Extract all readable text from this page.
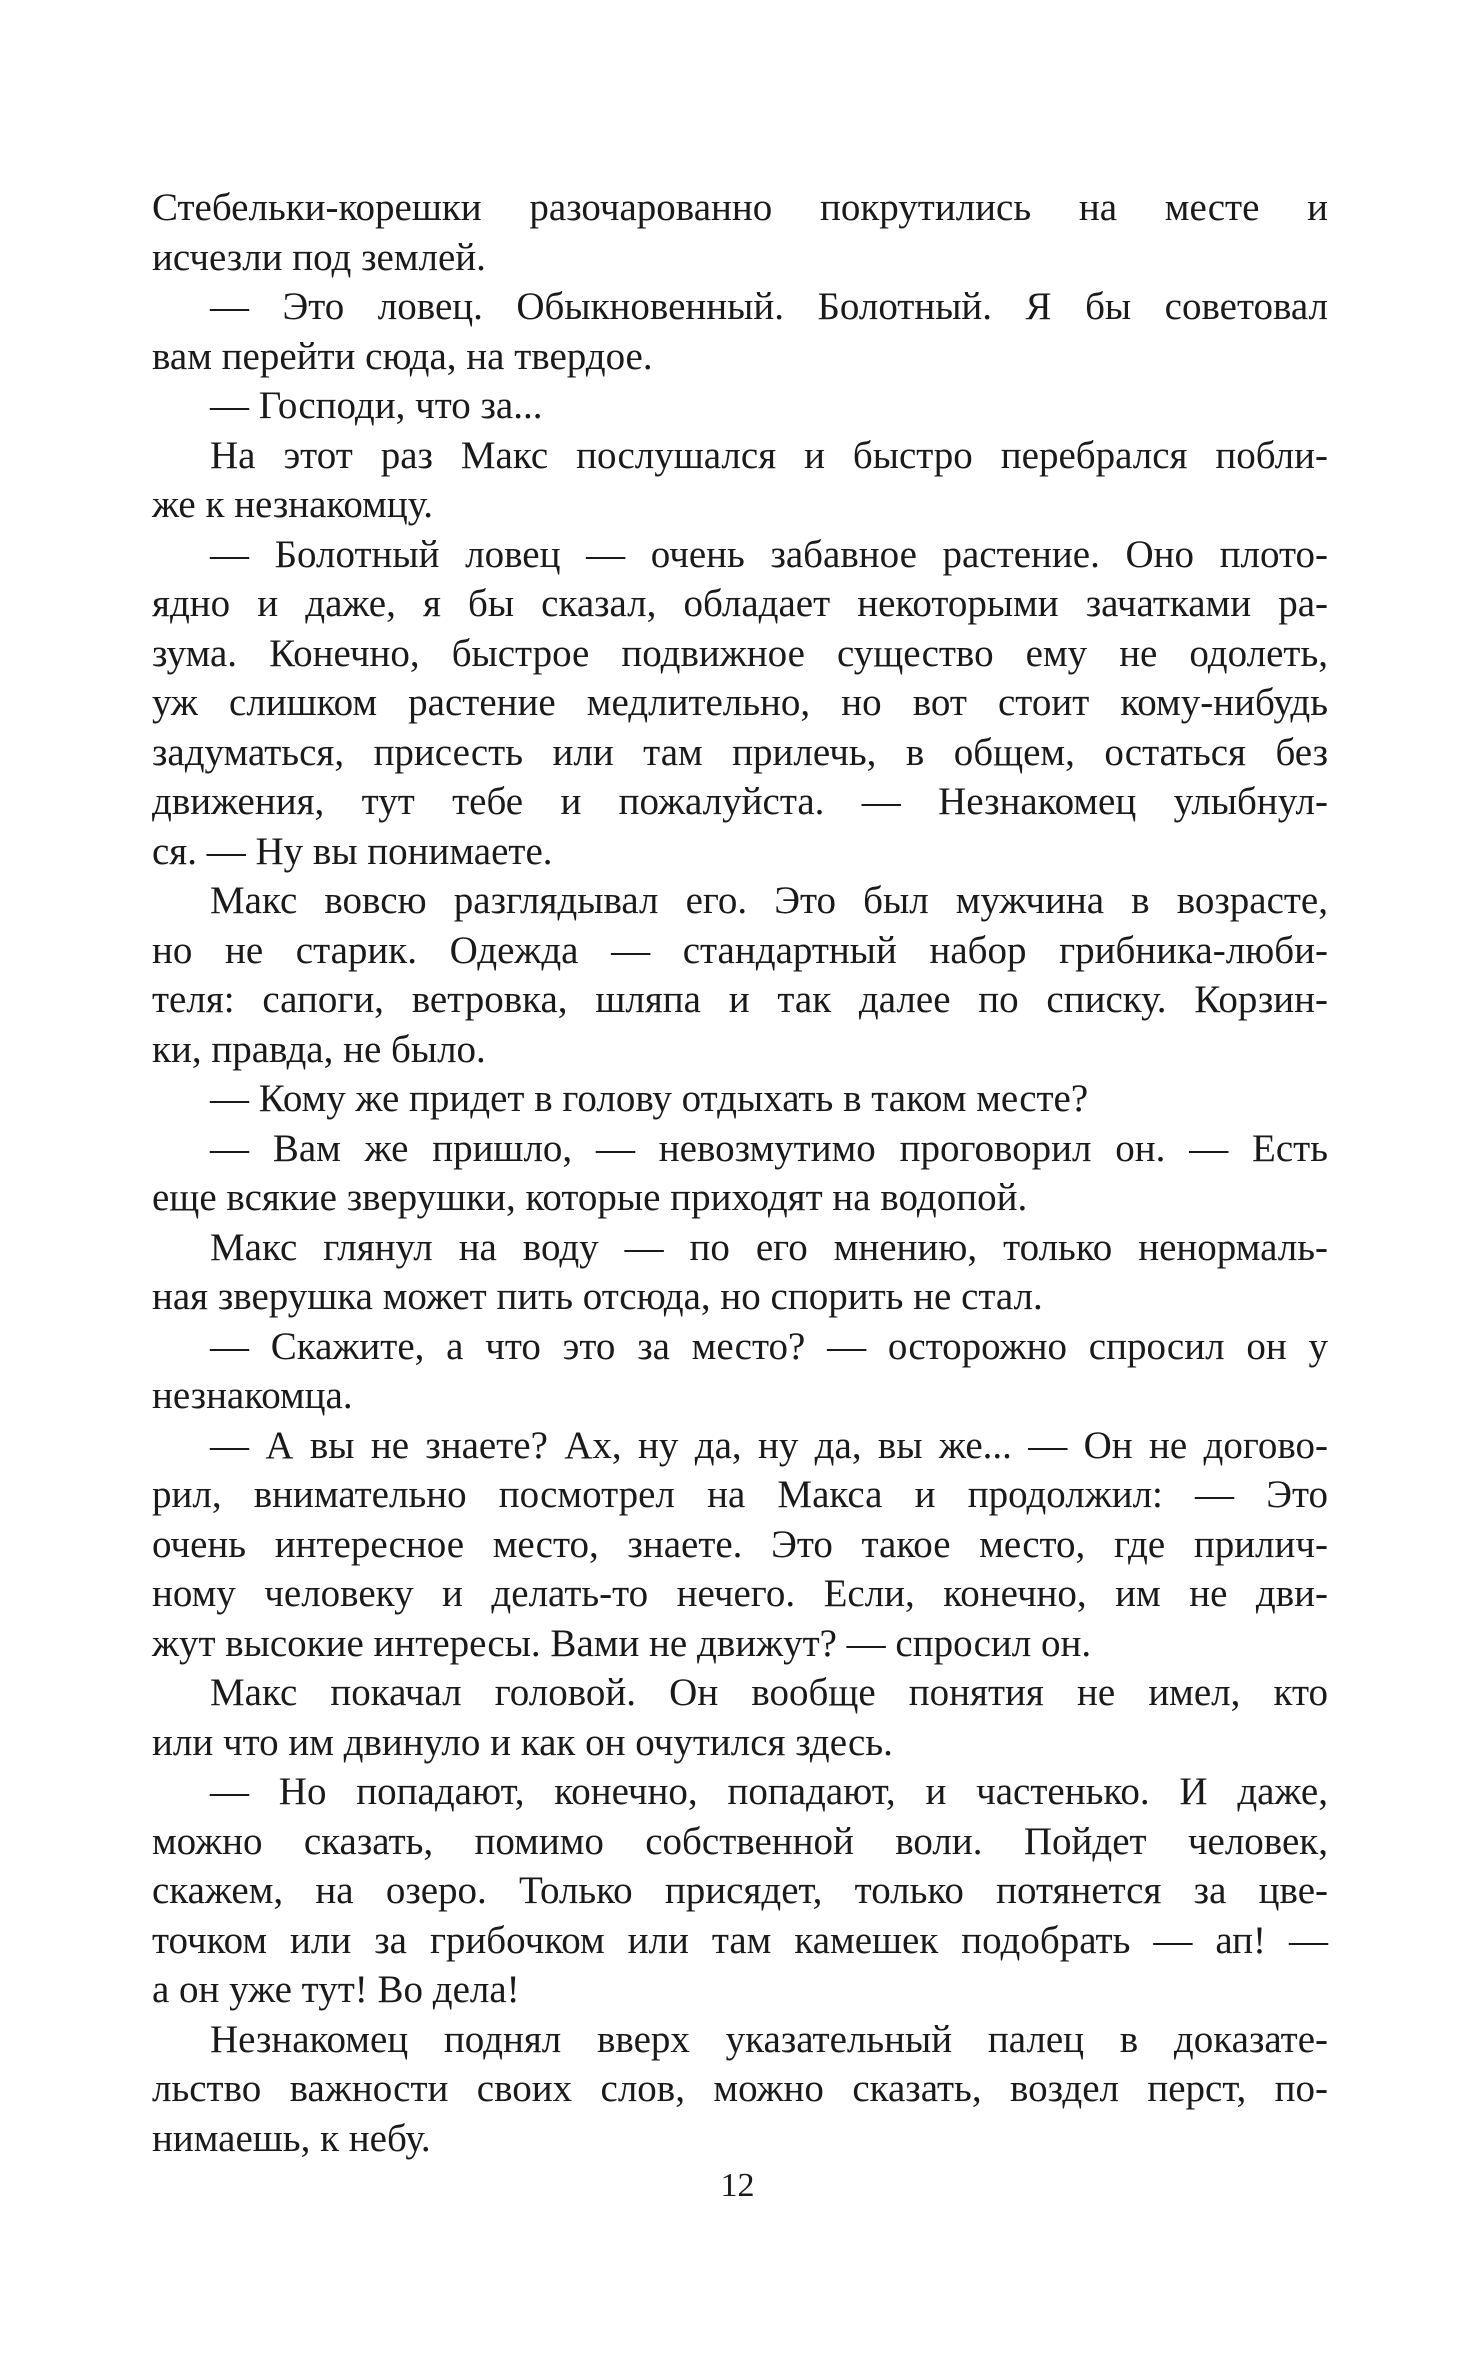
Стебельки-корешки разочарованно покрутились на месте и
исчезли под землей.
— Это ловец. Обыкновенный. Болотный. Я бы советовал
вам перейти сюда, на твердое.
— Господи, что за...
На этот раз Макс послушался и быстро перебрался побли-
же к незнакомцу.
— Болотный ловец — очень забавное растение. Оно плото-
ядно и даже, я бы сказал, обладает некоторыми зачатками ра-
зума. Конечно, быстрое подвижное существо ему не одолеть,
уж слишком растение медлительно, но вот стоит кому-нибудь
задуматься, присесть или там прилечь, в общем, остаться без
движения, тут тебе и пожалуйста. — Незнакомец улыбнул-
ся. — Ну вы понимаете.
Макс вовсю разглядывал его. Это был мужчина в возрасте,
но не старик. Одежда — стандартный набор грибника-люби-
теля: сапоги, ветровка, шляпа и так далее по списку. Корзин-
ки, правда, не было.
— Кому же придет в голову отдыхать в таком месте?
— Вам же пришло, — невозмутимо проговорил он. — Есть
еще всякие зверушки, которые приходят на водопой.
Макс глянул на воду — по его мнению, только ненормаль-
ная зверушка может пить отсюда, но спорить не стал.
— Скажите, а что это за место? — осторожно спросил он у
незнакомца.
— А вы не знаете? Ах, ну да, ну да, вы же... — Он не догово-
рил, внимательно посмотрел на Макса и продолжил: — Это
очень интересное место, знаете. Это такое место, где прилич-
ному человеку и делать-то нечего. Если, конечно, им не дви-
жут высокие интересы. Вами не движут? — спросил он.
Макс покачал головой. Он вообще понятия не имел, кто
или что им двинуло и как он очутился здесь.
— Но попадают, конечно, попадают, и частенько. И даже,
можно сказать, помимо собственной воли. Пойдет человек,
скажем, на озеро. Только присядет, только потянется за цве-
точком или за грибочком или там камешек подобрать — ап! —
а он уже тут! Во дела!
Незнакомец поднял вверх указательный палец в доказате-
льство важности своих слов, можно сказать, воздел перст, по-
нимаешь, к небу.
12
